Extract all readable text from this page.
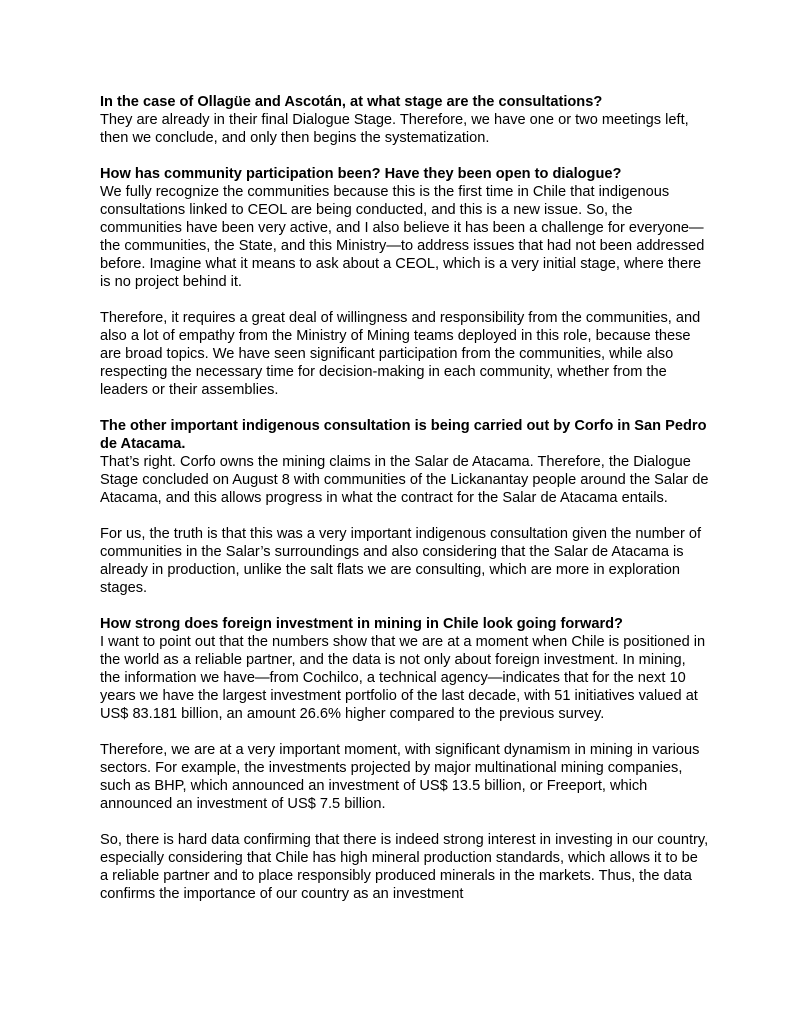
In the case of Ollagüe and Ascotán, at what stage are the consultations?

They are already in their final Dialogue Stage. Therefore, we have one or two meetings left, then we conclude, and only then begins the systematization.

How has community participation been? Have they been open to dialogue?

We fully recognize the communities because this is the first time in Chile that indigenous consultations linked to CEOL are being conducted, and this is a new issue. So, the communities have been very active, and I also believe it has been a challenge for everyone—the communities, the State, and this Ministry—to address issues that had not been addressed before. Imagine what it means to ask about a CEOL, which is a very initial stage, where there is no project behind it.

Therefore, it requires a great deal of willingness and responsibility from the communities, and also a lot of empathy from the Ministry of Mining teams deployed in this role, because these are broad topics. We have seen significant participation from the communities, while also respecting the necessary time for decision-making in each community, whether from the leaders or their assemblies.

The other important indigenous consultation is being carried out by Corfo in San Pedro de Atacama.

That’s right. Corfo owns the mining claims in the Salar de Atacama. Therefore, the Dialogue Stage concluded on August 8 with communities of the Lickanantay people around the Salar de Atacama, and this allows progress in what the contract for the Salar de Atacama entails.

For us, the truth is that this was a very important indigenous consultation given the number of communities in the Salar’s surroundings and also considering that the Salar de Atacama is already in production, unlike the salt flats we are consulting, which are more in exploration stages.

How strong does foreign investment in mining in Chile look going forward?

I want to point out that the numbers show that we are at a moment when Chile is positioned in the world as a reliable partner, and the data is not only about foreign investment. In mining, the information we have—from Cochilco, a technical agency—indicates that for the next 10 years we have the largest investment portfolio of the last decade, with 51 initiatives valued at US$ 83.181 billion, an amount 26.6% higher compared to the previous survey.

Therefore, we are at a very important moment, with significant dynamism in mining in various sectors. For example, the investments projected by major multinational mining companies, such as BHP, which announced an investment of US$ 13.5 billion, or Freeport, which announced an investment of US$ 7.5 billion.

So, there is hard data confirming that there is indeed strong interest in investing in our country, especially considering that Chile has high mineral production standards, which allows it to be a reliable partner and to place responsibly produced minerals in the markets. Thus, the data confirms the importance of our country as an investment
